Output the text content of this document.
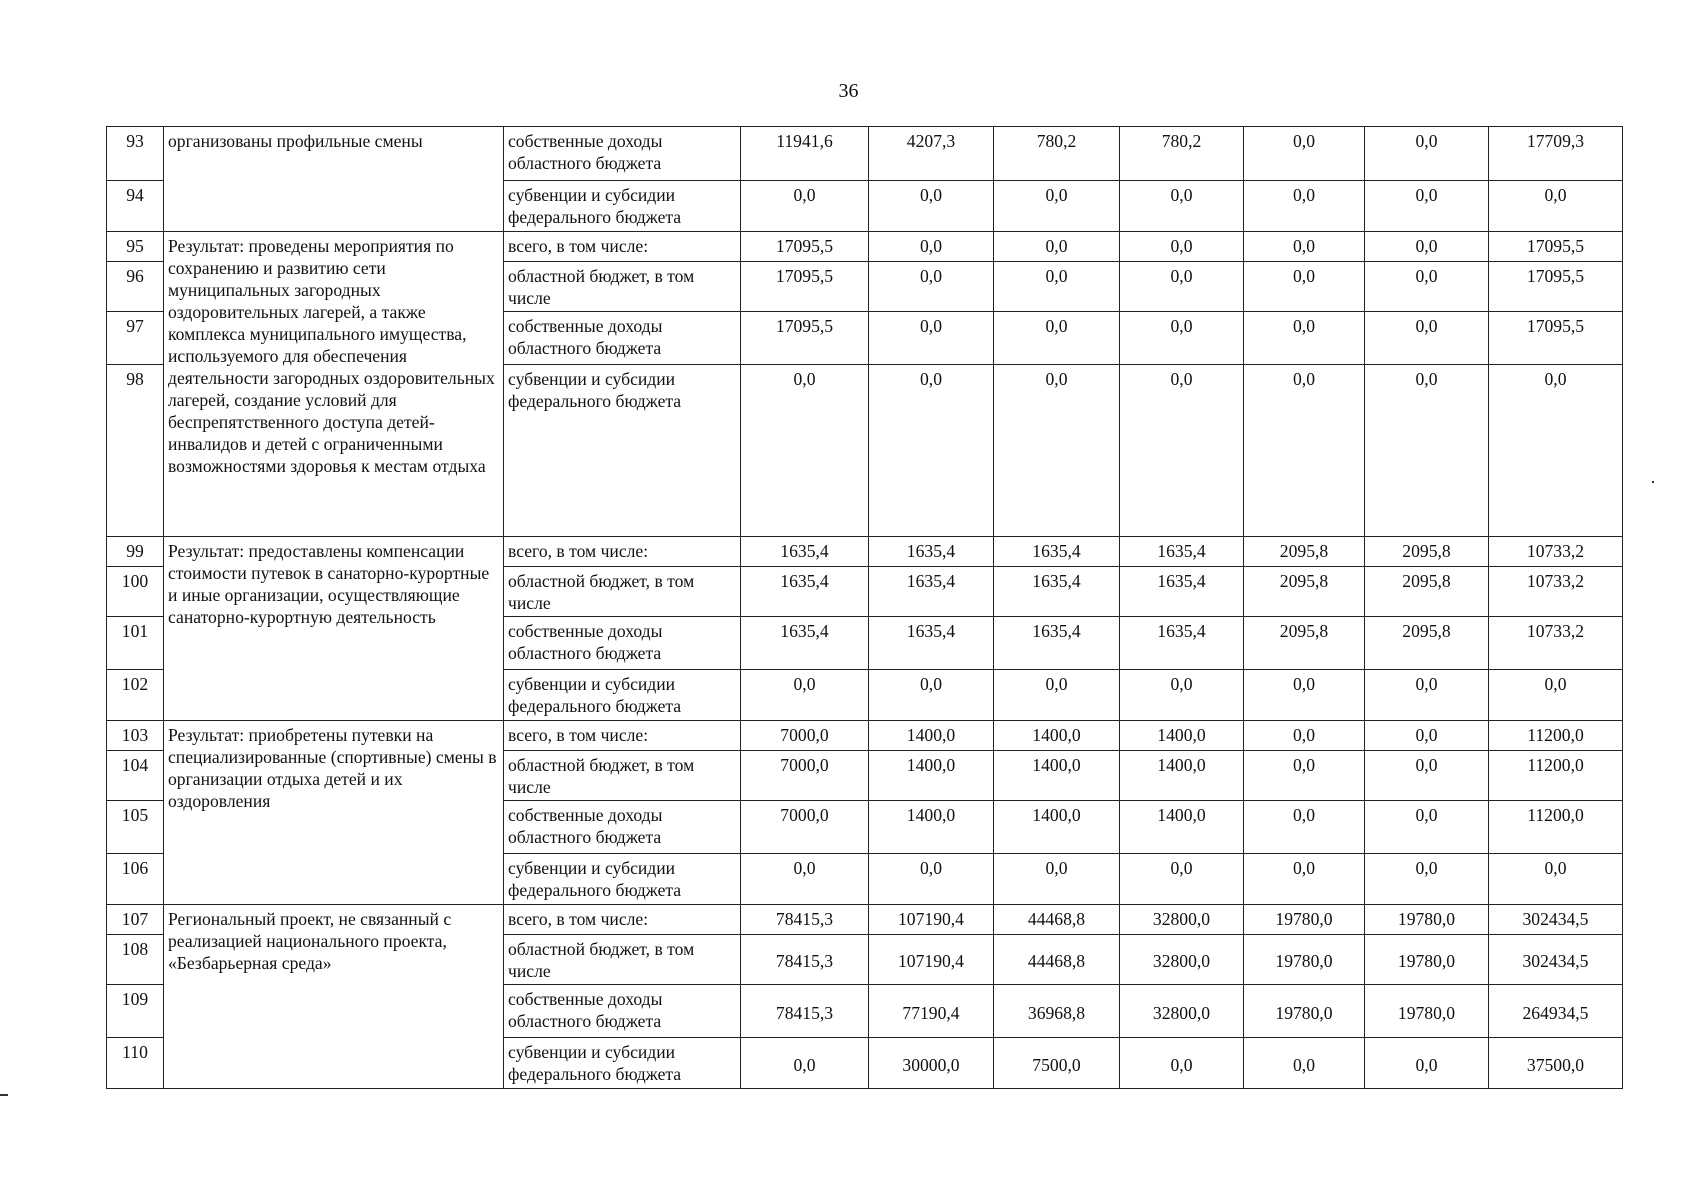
36
93	организованы профильные смены	собственные доходы областного бюджета	11941,6	4207,3	780,2	780,2	0,0	0,0	17709,3
94		субвенции и субсидии федерального бюджета	0,0	0,0	0,0	0,0	0,0	0,0	0,0
95	Результат: проведены мероприятия по сохранению и развитию сети муниципальных загородных оздоровительных лагерей, а также комплекса муниципального имущества, используемого для обеспечения деятельности загородных оздоровительных лагерей, создание условий для беспрепятственного доступа детей-инвалидов и детей с ограниченными возможностями здоровья к местам отдыха	всего, в том числе:	17095,5	0,0	0,0	0,0	0,0	0,0	17095,5
96		областной бюджет, в том числе	17095,5	0,0	0,0	0,0	0,0	0,0	17095,5
97		собственные доходы областного бюджета	17095,5	0,0	0,0	0,0	0,0	0,0	17095,5
98		субвенции и субсидии федерального бюджета	0,0	0,0	0,0	0,0	0,0	0,0	0,0
99	Результат: предоставлены компенсации стоимости путевок в санаторно-курортные и иные организации, осуществляющие санаторно-курортную деятельность	всего, в том числе:	1635,4	1635,4	1635,4	1635,4	2095,8	2095,8	10733,2
100		областной бюджет, в том числе	1635,4	1635,4	1635,4	1635,4	2095,8	2095,8	10733,2
101		собственные доходы областного бюджета	1635,4	1635,4	1635,4	1635,4	2095,8	2095,8	10733,2
102		субвенции и субсидии федерального бюджета	0,0	0,0	0,0	0,0	0,0	0,0	0,0
103	Результат: приобретены путевки на специализированные (спортивные) смены в организации отдыха детей и их оздоровления	всего, в том числе:	7000,0	1400,0	1400,0	1400,0	0,0	0,0	11200,0
104		областной бюджет, в том числе	7000,0	1400,0	1400,0	1400,0	0,0	0,0	11200,0
105		собственные доходы областного бюджета	7000,0	1400,0	1400,0	1400,0	0,0	0,0	11200,0
106		субвенции и субсидии федерального бюджета	0,0	0,0	0,0	0,0	0,0	0,0	0,0
107	Региональный проект, не связанный с реализацией национального проекта, «Безбарьерная среда»	всего, в том числе:	78415,3	107190,4	44468,8	32800,0	19780,0	19780,0	302434,5
108		областной бюджет, в том числе	78415,3	107190,4	44468,8	32800,0	19780,0	19780,0	302434,5
109		собственные доходы областного бюджета	78415,3	77190,4	36968,8	32800,0	19780,0	19780,0	264934,5
110		субвенции и субсидии федерального бюджета	0,0	30000,0	7500,0	0,0	0,0	0,0	37500,0
